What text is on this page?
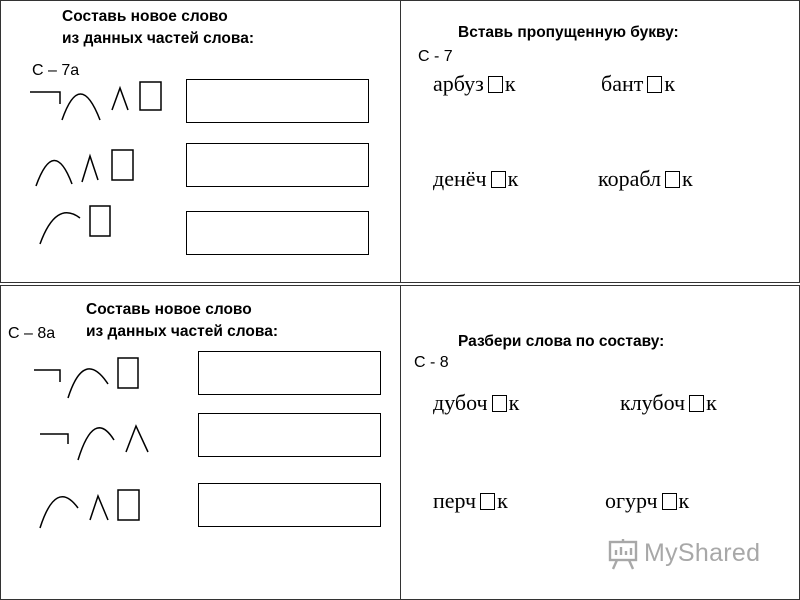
Составь новое слово
из данных частей слова:
С – 7а
Вставь пропущенную букву:
С - 7
арбуз к	бант к
денёч к	корабл к
Составь новое слово
из данных частей слова:
С – 8а	Разбери слова по составу:
С - 8
дубоч к	клубоч к
перч к	огурч к
MyShared
